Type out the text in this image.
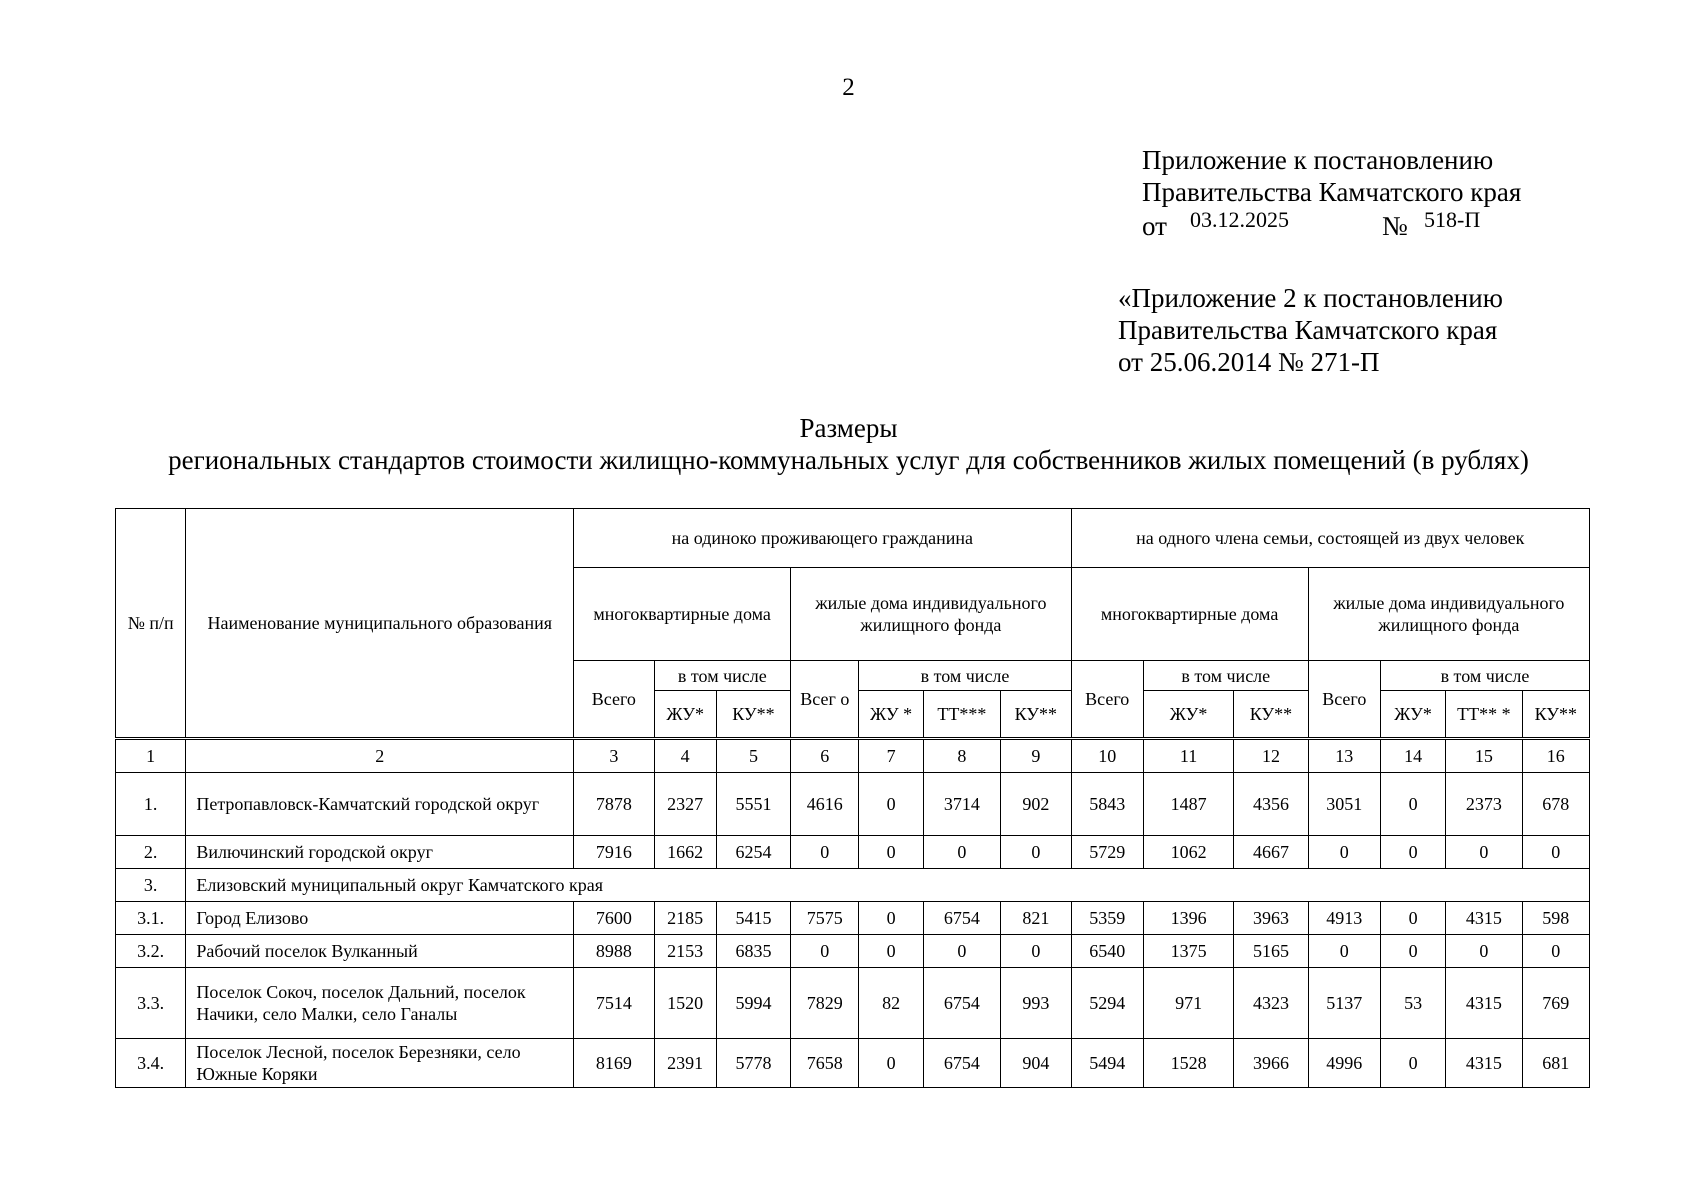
2
Приложение к постановлению
Правительства Камчатского края
от 03.12.2025	№ 518-П
«Приложение 2 к постановлению
Правительства Камчатского края
от 25.06.2014 № 271-П
Размеры
региональных стандартов стоимости жилищно-коммунальных услуг для собственников жилых помещений (в рублях)
№ п/п	Наименование муниципального образования	на одиноко проживающего гражданина							на одного члена семьи, состоящей из двух человек						
		многоквартирные дома			жилые дома индивидуального жилищного фонда				многоквартирные дома			жилые дома индивидуального жилищного фонда			
		Всего	в том числе		Всег о	в том числе			Всего	в том числе		Всего	в том числе		
			ЖУ*	КУ**		ЖУ *	ТТ***	КУ**		ЖУ*	КУ**		ЖУ*	ТТ** *	КУ**
1	2	3	4	5	6	7	8	9	10	11	12	13	14	15	16
1.	Петропавловск-Камчатский городской округ	7878	2327	5551	4616	0	3714	902	5843	1487	4356	3051	0	2373	678
2.	Вилючинский городской округ	7916	1662	6254	0	0	0	0	5729	1062	4667	0	0	0	0
3.	Елизовский муниципальный округ Камчатского края														
3.1.	Город Елизово	7600	2185	5415	7575	0	6754	821	5359	1396	3963	4913	0	4315	598
3.2.	Рабочий поселок Вулканный	8988	2153	6835	0	0	0	0	6540	1375	5165	0	0	0	0
3.3.	Поселок Сокоч, поселок Дальний, поселок Начики, село Малки, село Ганалы	7514	1520	5994	7829	82	6754	993	5294	971	4323	5137	53	4315	769
3.4.	Поселок Лесной, поселок Березняки, село Южные Коряки	8169	2391	5778	7658	0	6754	904	5494	1528	3966	4996	0	4315	681
